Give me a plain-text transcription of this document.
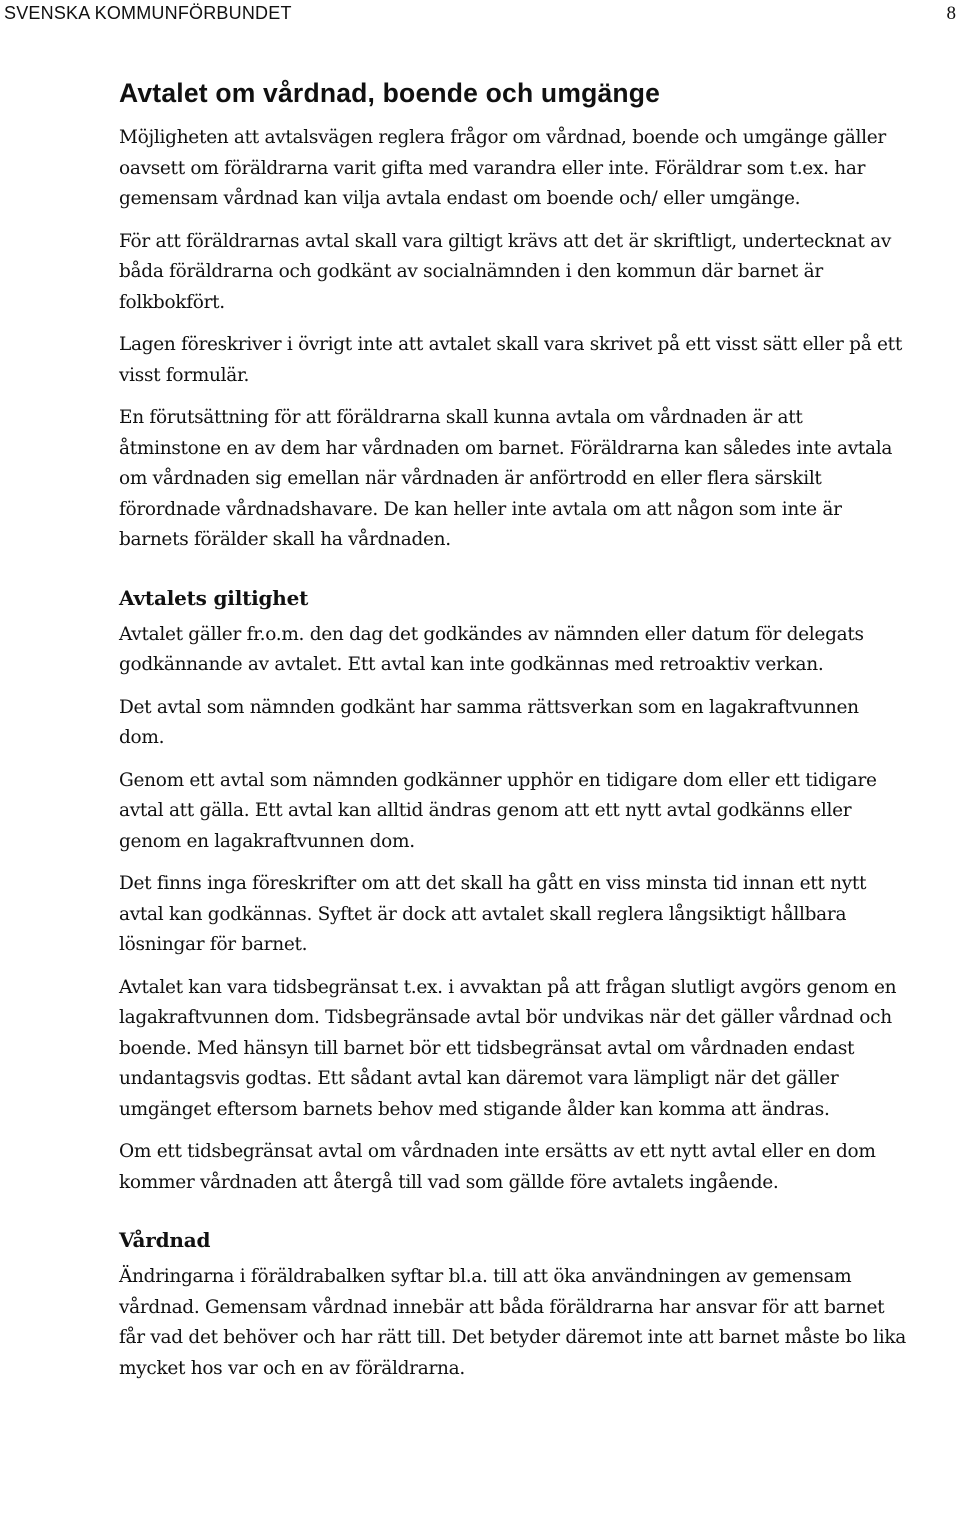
SVENSKA KOMMUNFÖRBUNDET	8
Avtalet om vårdnad, boende och umgänge

Möjligheten att avtalsvägen reglera frågor om vårdnad, boende och umgänge gäller oavsett om föräldrarna varit gifta med varandra eller inte. Föräldrar som t.ex. har gemensam vårdnad kan vilja avtala endast om boende och/ eller umgänge.

För att föräldrarnas avtal skall vara giltigt krävs att det är skriftligt, undertecknat av båda föräldrarna och godkänt av socialnämnden i den kommun där barnet är folkbokfört.

Lagen föreskriver i övrigt inte att avtalet skall vara skrivet på ett visst sätt eller på ett visst formulär.

En förutsättning för att föräldrarna skall kunna avtala om vårdnaden är att åtminstone en av dem har vårdnaden om barnet. Föräldrarna kan således inte avtala om vårdnaden sig emellan när vårdnaden är anförtrodd en eller flera särskilt förordnade vårdnadshavare. De kan heller inte avtala om att någon som inte är barnets förälder skall ha vårdnaden.

Avtalets giltighet

Avtalet gäller fr.o.m. den dag det godkändes av nämnden eller datum för delegats godkännande av avtalet. Ett avtal kan inte godkännas med retroaktiv verkan.

Det avtal som nämnden godkänt har samma rättsverkan som en lagakraftvunnen dom.

Genom ett avtal som nämnden godkänner upphör en tidigare dom eller ett tidigare avtal att gälla. Ett avtal kan alltid ändras genom att ett nytt avtal godkänns eller genom en lagakraftvunnen dom.

Det finns inga föreskrifter om att det skall ha gått en viss minsta tid innan ett nytt avtal kan godkännas. Syftet är dock att avtalet skall reglera långsiktigt hållbara lösningar för barnet.

Avtalet kan vara tidsbegränsat t.ex. i avvaktan på att frågan slutligt avgörs genom en lagakraftvunnen dom. Tidsbegränsade avtal bör undvikas när det gäller vårdnad och boende. Med hänsyn till barnet bör ett tidsbegränsat avtal om vårdnaden endast undantagsvis godtas. Ett sådant avtal kan däremot vara lämpligt när det gäller umgänget eftersom barnets behov med stigande ålder kan komma att ändras.

Om ett tidsbegränsat avtal om vårdnaden inte ersätts av ett nytt avtal eller en dom kommer vårdnaden att återgå till vad som gällde före avtalets ingående.

Vårdnad

Ändringarna i föräldrabalken syftar bl.a. till att öka användningen av gemensam vårdnad. Gemensam vårdnad innebär att båda föräldrarna har ansvar för att barnet får vad det behöver och har rätt till. Det betyder däremot inte att barnet måste bo lika mycket hos var och en av föräldrarna.
